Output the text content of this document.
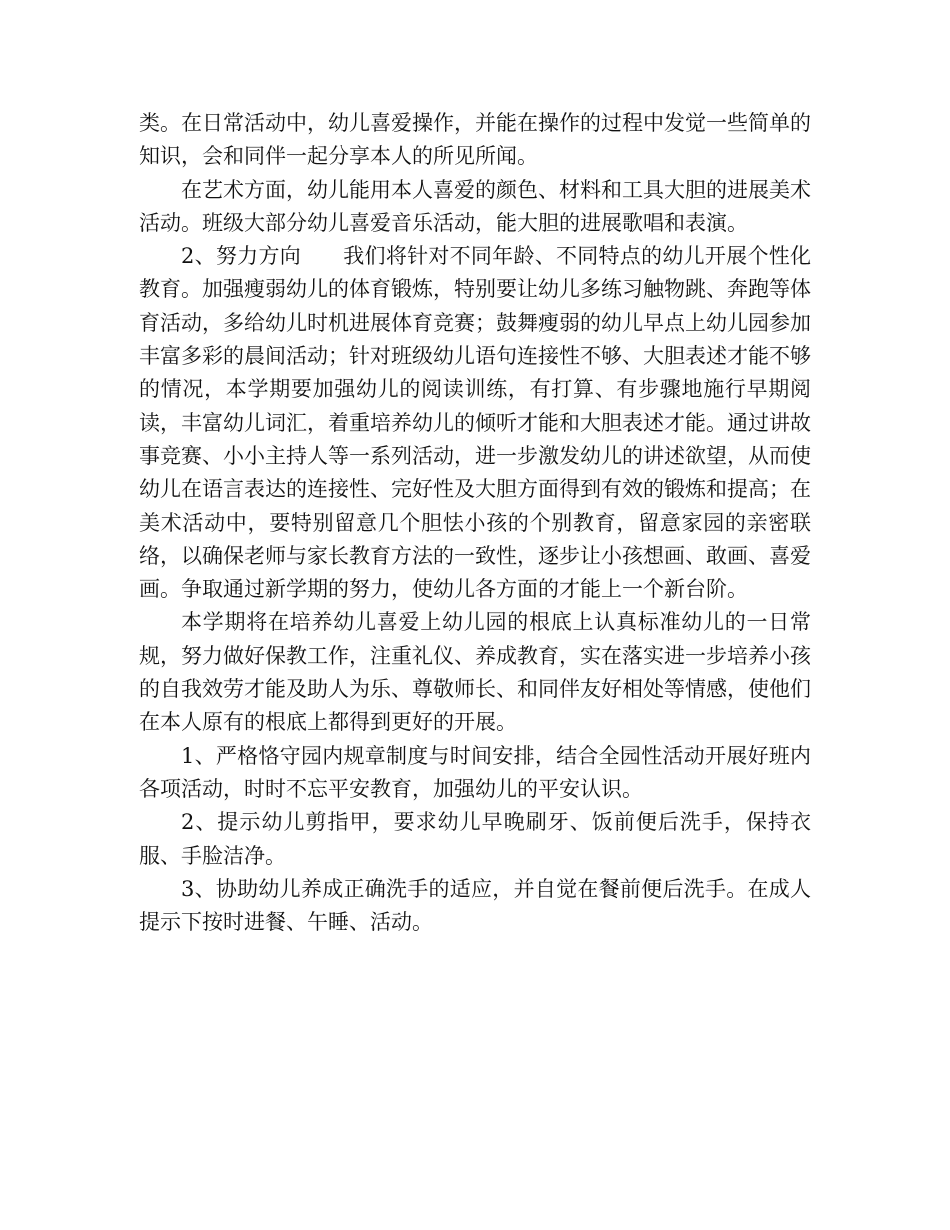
类。在日常活动中，幼儿喜爱操作，并能在操作的过程中发觉一些简单的知识，会和同伴一起分享本人的所见所闻。

在艺术方面，幼儿能用本人喜爱的颜色、材料和工具大胆的进展美术活动。班级大部分幼儿喜爱音乐活动，能大胆的进展歌唱和表演。

2、努力方向 我们将针对不同年龄、不同特点的幼儿开展个性化教育。加强瘦弱幼儿的体育锻炼，特别要让幼儿多练习触物跳、奔跑等体育活动，多给幼儿时机进展体育竞赛；鼓舞瘦弱的幼儿早点上幼儿园参加丰富多彩的晨间活动；针对班级幼儿语句连接性不够、大胆表述才能不够的情况，本学期要加强幼儿的阅读训练，有打算、有步骤地施行早期阅读，丰富幼儿词汇，着重培养幼儿的倾听才能和大胆表述才能。通过讲故事竞赛、小小主持人等一系列活动，进一步激发幼儿的讲述欲望，从而使幼儿在语言表达的连接性、完好性及大胆方面得到有效的锻炼和提高；在美术活动中，要特别留意几个胆怯小孩的个别教育，留意家园的亲密联络，以确保老师与家长教育方法的一致性，逐步让小孩想画、敢画、喜爱画。争取通过新学期的努力，使幼儿各方面的才能上一个新台阶。

本学期将在培养幼儿喜爱上幼儿园的根底上认真标准幼儿的一日常规，努力做好保教工作，注重礼仪、养成教育，实在落实进一步培养小孩的自我效劳才能及助人为乐、尊敬师长、和同伴友好相处等情感，使他们在本人原有的根底上都得到更好的开展。

1、严格恪守园内规章制度与时间安排，结合全园性活动开展好班内各项活动，时时不忘平安教育，加强幼儿的平安认识。

2、提示幼儿剪指甲，要求幼儿早晚刷牙、饭前便后洗手，保持衣服、手脸洁净。

3、协助幼儿养成正确洗手的适应，并自觉在餐前便后洗手。在成人提示下按时进餐、午睡、活动。
